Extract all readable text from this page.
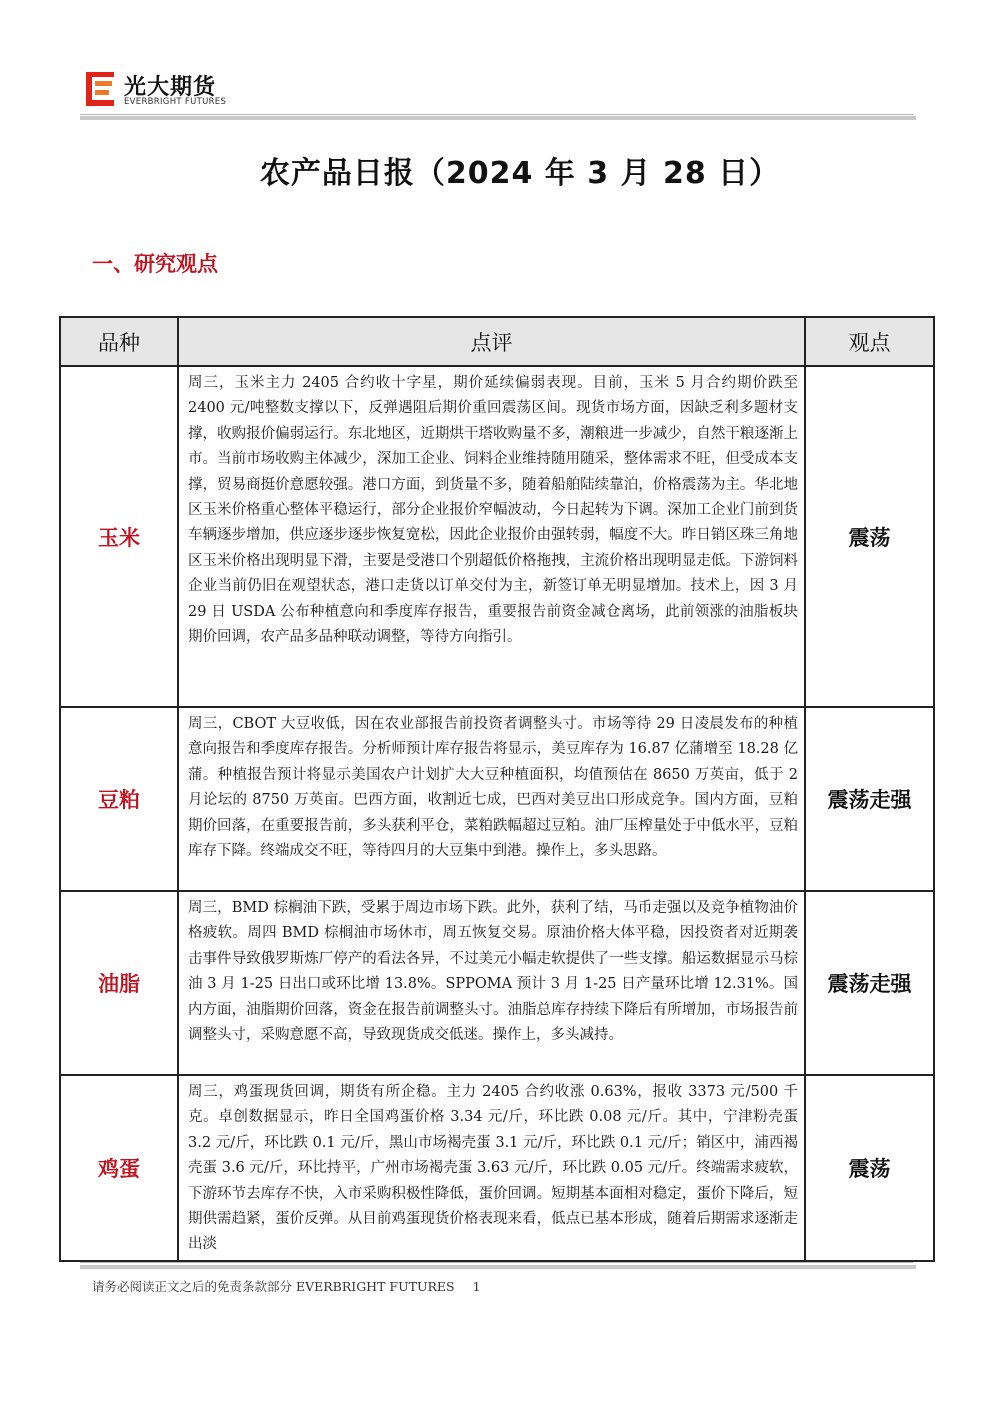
光大期货
EVERBRIGHT FUTURES
农产品日报（2024 年 3 月 28 日）
一、研究观点
品种	点评	观点
玉米	周三，玉米主力 2405 合约收十字星，期价延续偏弱表现。目前，玉米 5 月合约期价跌至 2400 元/吨整数支撑以下，反弹遇阻后期价重回震荡区间。现货市场方面，因缺乏利多题材支撑，收购报价偏弱运行。东北地区，近期烘干塔收购量不多，潮粮进一步减少，自然干粮逐渐上市。当前市场收购主体减少，深加工企业、饲料企业维持随用随采，整体需求不旺，但受成本支撑，贸易商挺价意愿较强。港口方面，到货量不多，随着船舶陆续靠泊，价格震荡为主。华北地区玉米价格重心整体平稳运行，部分企业报价窄幅波动，今日起转为下调。深加工企业门前到货车辆逐步增加，供应逐步逐步恢复宽松，因此企业报价由强转弱，幅度不大。昨日销区珠三角地区玉米价格出现明显下滑，主要是受港口个别超低价格拖拽，主流价格出现明显走低。下游饲料企业当前仍旧在观望状态，港口走货以订单交付为主，新签订单无明显增加。技术上，因 3 月 29 日 USDA 公布种植意向和季度库存报告，重要报告前资金减仓离场，此前领涨的油脂板块期价回调，农产品多品种联动调整，等待方向指引。	震荡
豆粕	周三，CBOT 大豆收低，因在农业部报告前投资者调整头寸。市场等待 29 日凌晨发布的种植意向报告和季度库存报告。分析师预计库存报告将显示，美豆库存为 16.87 亿蒲增至 18.28 亿蒲。种植报告预计将显示美国农户计划扩大大豆种植面积，均值预估在 8650 万英亩，低于 2 月论坛的 8750 万英亩。巴西方面，收割近七成，巴西对美豆出口形成竞争。国内方面，豆粕期价回落，在重要报告前，多头获利平仓，菜粕跌幅超过豆粕。油厂压榨量处于中低水平，豆粕库存下降。终端成交不旺，等待四月的大豆集中到港。操作上，多头思路。	震荡走强
油脂	周三，BMD 棕榈油下跌，受累于周边市场下跌。此外，获利了结，马币走强以及竞争植物油价格疲软。周四 BMD 棕榈油市场休市，周五恢复交易。原油价格大体平稳，因投资者对近期袭击事件导致俄罗斯炼厂停产的看法各异，不过美元小幅走软提供了一些支撑。船运数据显示马棕油 3 月 1-25 日出口或环比增 13.8%。SPPOMA 预计 3 月 1-25 日产量环比增 12.31%。国内方面，油脂期价回落，资金在报告前调整头寸。油脂总库存持续下降后有所增加，市场报告前调整头寸，采购意愿不高，导致现货成交低迷。操作上，多头减持。	震荡走强
鸡蛋	周三，鸡蛋现货回调，期货有所企稳。主力 2405 合约收涨 0.63%，报收 3373 元/500 千克。卓创数据显示，昨日全国鸡蛋价格 3.34 元/斤，环比跌 0.08 元/斤。其中，宁津粉壳蛋 3.2 元/斤，环比跌 0.1 元/斤，黑山市场褐壳蛋 3.1 元/斤，环比跌 0.1 元/斤；销区中，浦西褐壳蛋 3.6 元/斤，环比持平，广州市场褐壳蛋 3.63 元/斤，环比跌 0.05 元/斤。终端需求疲软，下游环节去库存不快，入市采购积极性降低，蛋价回调。短期基本面相对稳定，蛋价下降后，短期供需趋紧，蛋价反弹。从目前鸡蛋现货价格表现来看，低点已基本形成，随着后期需求逐渐走出淡	震荡
请务必阅读正文之后的免责条款部分 EVERBRIGHT FUTURES 1
